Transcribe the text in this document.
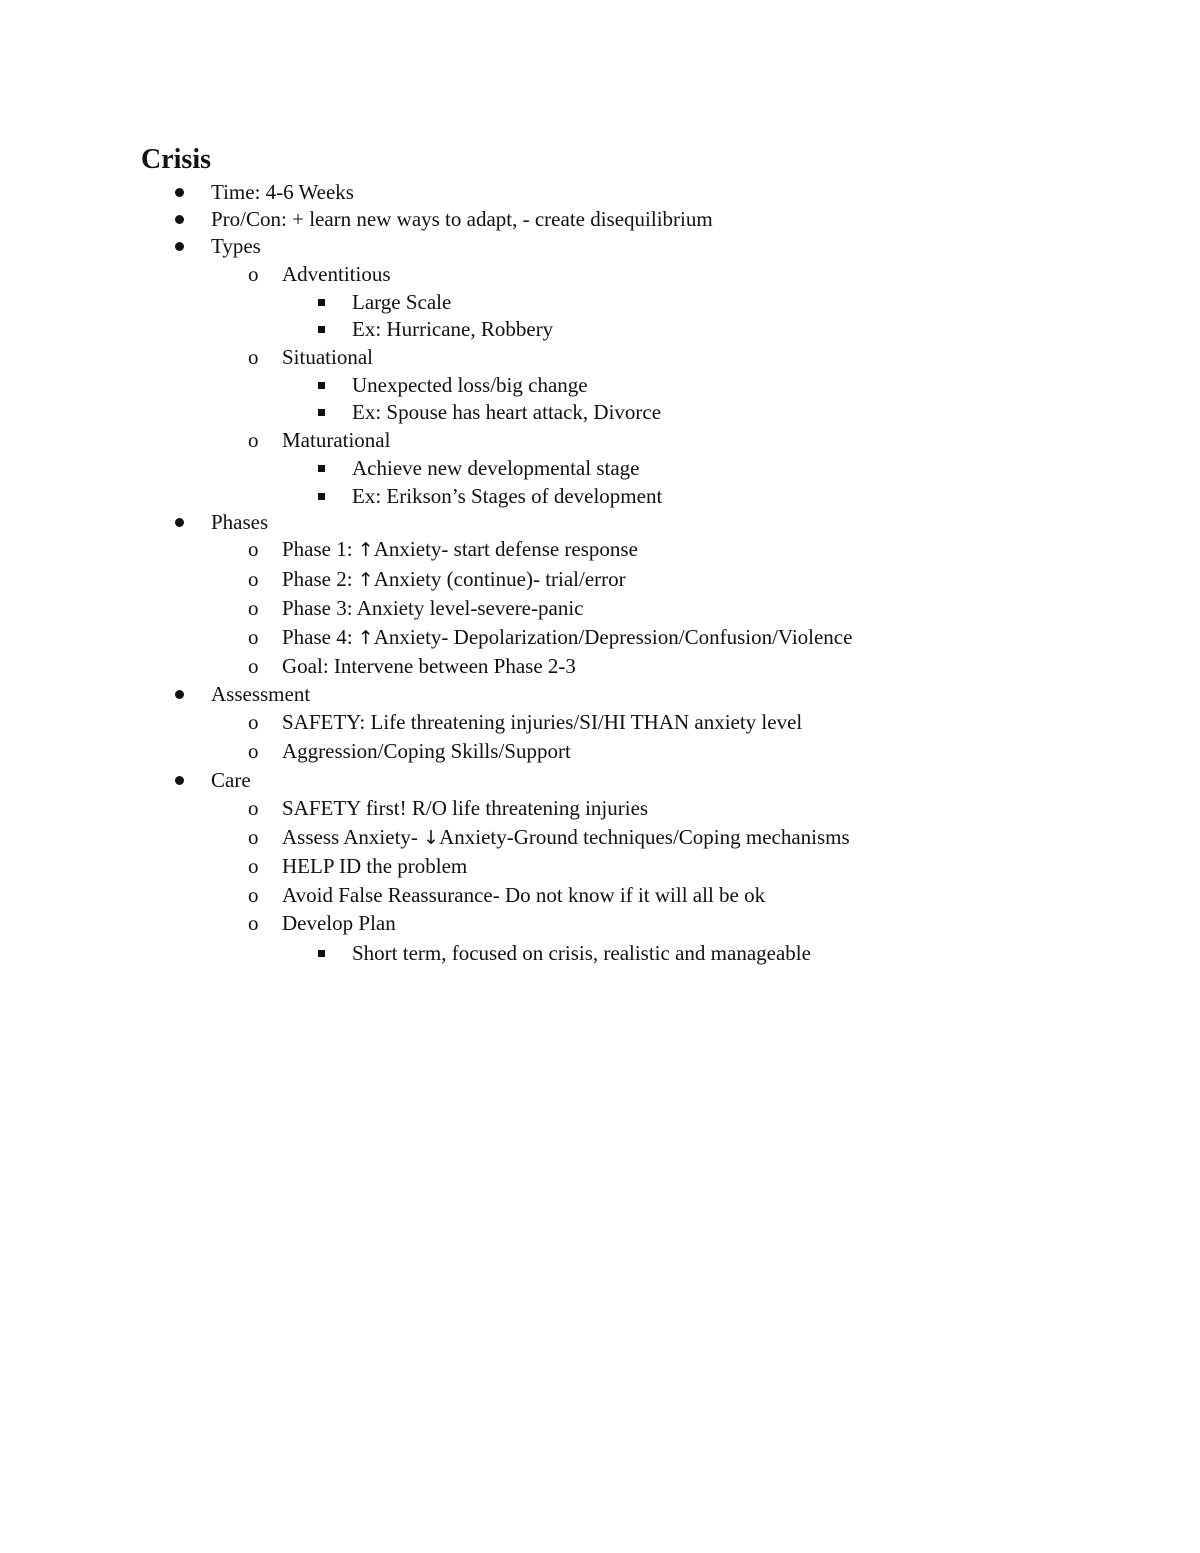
Crisis
Time: 4-6 Weeks
Pro/Con: + learn new ways to adapt, - create disequilibrium
Types
o Adventitious
Large Scale
Ex: Hurricane, Robbery
o Situational
Unexpected loss/big change
Ex: Spouse has heart attack, Divorce
o Maturational
Achieve new developmental stage
Ex: Erikson’s Stages of development
Phases
o Phase 1: ↑Anxiety- start defense response
o Phase 2: ↑Anxiety (continue)- trial/error
o Phase 3: Anxiety level-severe-panic
o Phase 4: ↑Anxiety- Depolarization/Depression/Confusion/Violence
o Goal: Intervene between Phase 2-3
Assessment
o SAFETY: Life threatening injuries/SI/HI THAN anxiety level
o Aggression/Coping Skills/Support
Care
o SAFETY first! R/O life threatening injuries
o Assess Anxiety- ↓Anxiety-Ground techniques/Coping mechanisms
o HELP ID the problem
o Avoid False Reassurance- Do not know if it will all be ok
o Develop Plan
Short term, focused on crisis, realistic and manageable
